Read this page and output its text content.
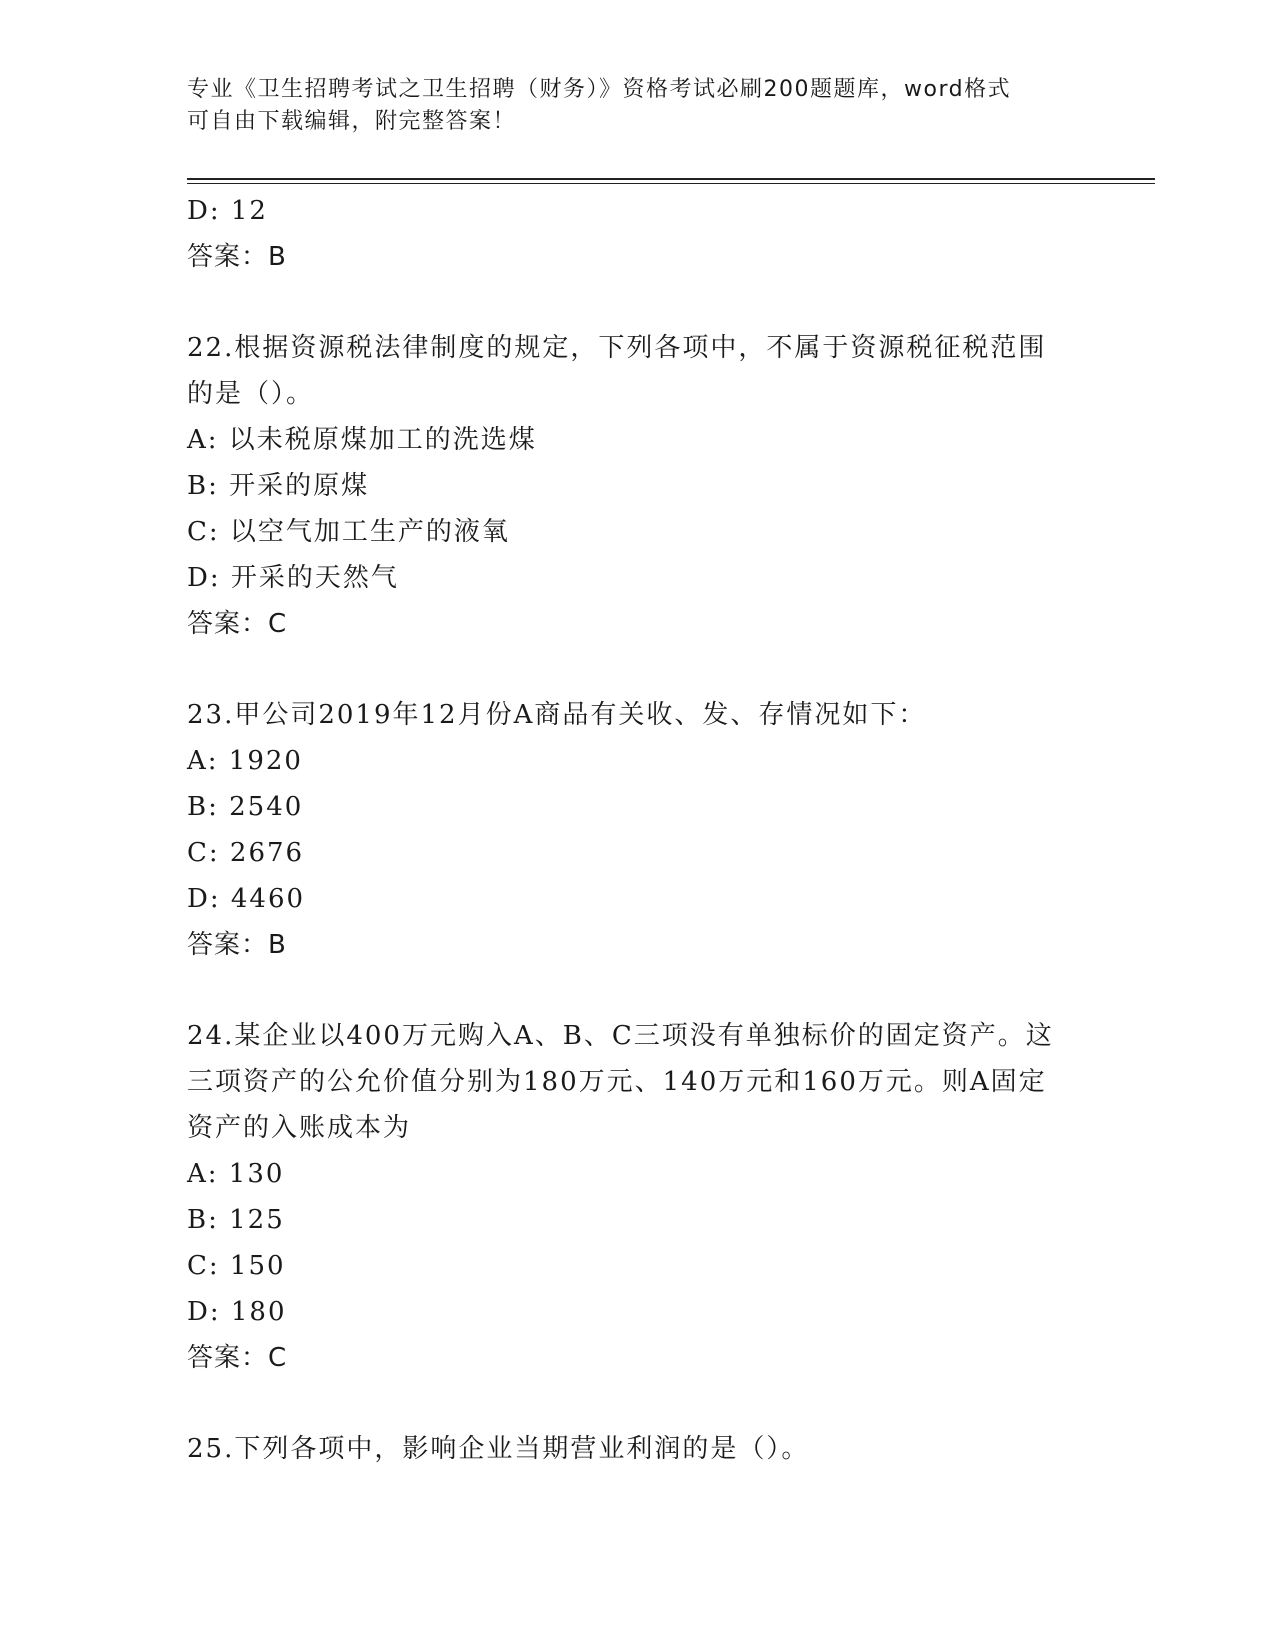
专业《卫生招聘考试之卫生招聘（财务）》资格考试必刷200题题库，word格式
可自由下载编辑，附完整答案！
D: 12
答案：B
22.根据资源税法律制度的规定，下列各项中，不属于资源税征税范围
的是（）。
A: 以未税原煤加工的洗选煤
B: 开采的原煤
C: 以空气加工生产的液氧
D: 开采的天然气
答案：C
23.甲公司2019年12月份A商品有关收、发、存情况如下：
A: 1920
B: 2540
C: 2676
D: 4460
答案：B
24.某企业以400万元购入A、B、C三项没有单独标价的固定资产。这
三项资产的公允价值分别为180万元、140万元和160万元。则A固定
资产的入账成本为
A: 130
B: 125
C: 150
D: 180
答案：C
25.下列各项中，影响企业当期营业利润的是（）。
